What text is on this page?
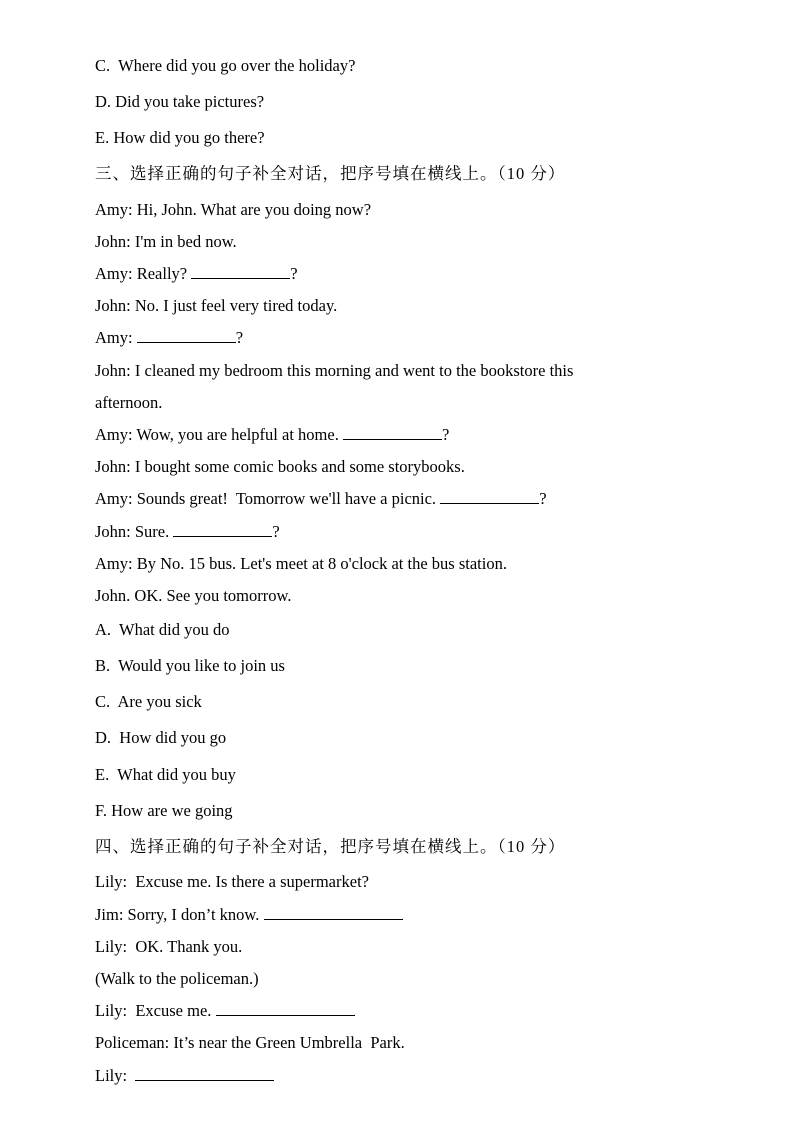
C. Where did you go over the holiday?
D. Did you take pictures?
E. How did you go there?
三、选择正确的句子补全对话，把序号填在横线上。（10 分）
Amy: Hi, John. What are you doing now?
John: I'm in bed now.
Amy: Really?	?
John: No. I just feel very tired today.
Amy:	?
John: I cleaned my bedroom this morning and went to the bookstore this
afternoon.
Amy: Wow, you are helpful at home.	?
John: I bought some comic books and some storybooks.
Amy: Sounds great!  Tomorrow we'll have a picnic.	?
John: Sure.	?
Amy: By No. 15 bus. Let's meet at 8 o'clock at the bus station.
John. OK. See you tomorrow.
A. What did you do
B. Would you like to join us
C. Are you sick
D. How did you go
E. What did you buy
F. How are we going
四、选择正确的句子补全对话，把序号填在横线上。（10 分）
Lily:  Excuse me. Is there a supermarket?
Jim: Sorry, I don’t know.
Lily:  OK. Thank you.
(Walk to the policeman.)
Lily:  Excuse me.
Policeman: It’s near the Green Umbrella  Park.
Lily:
